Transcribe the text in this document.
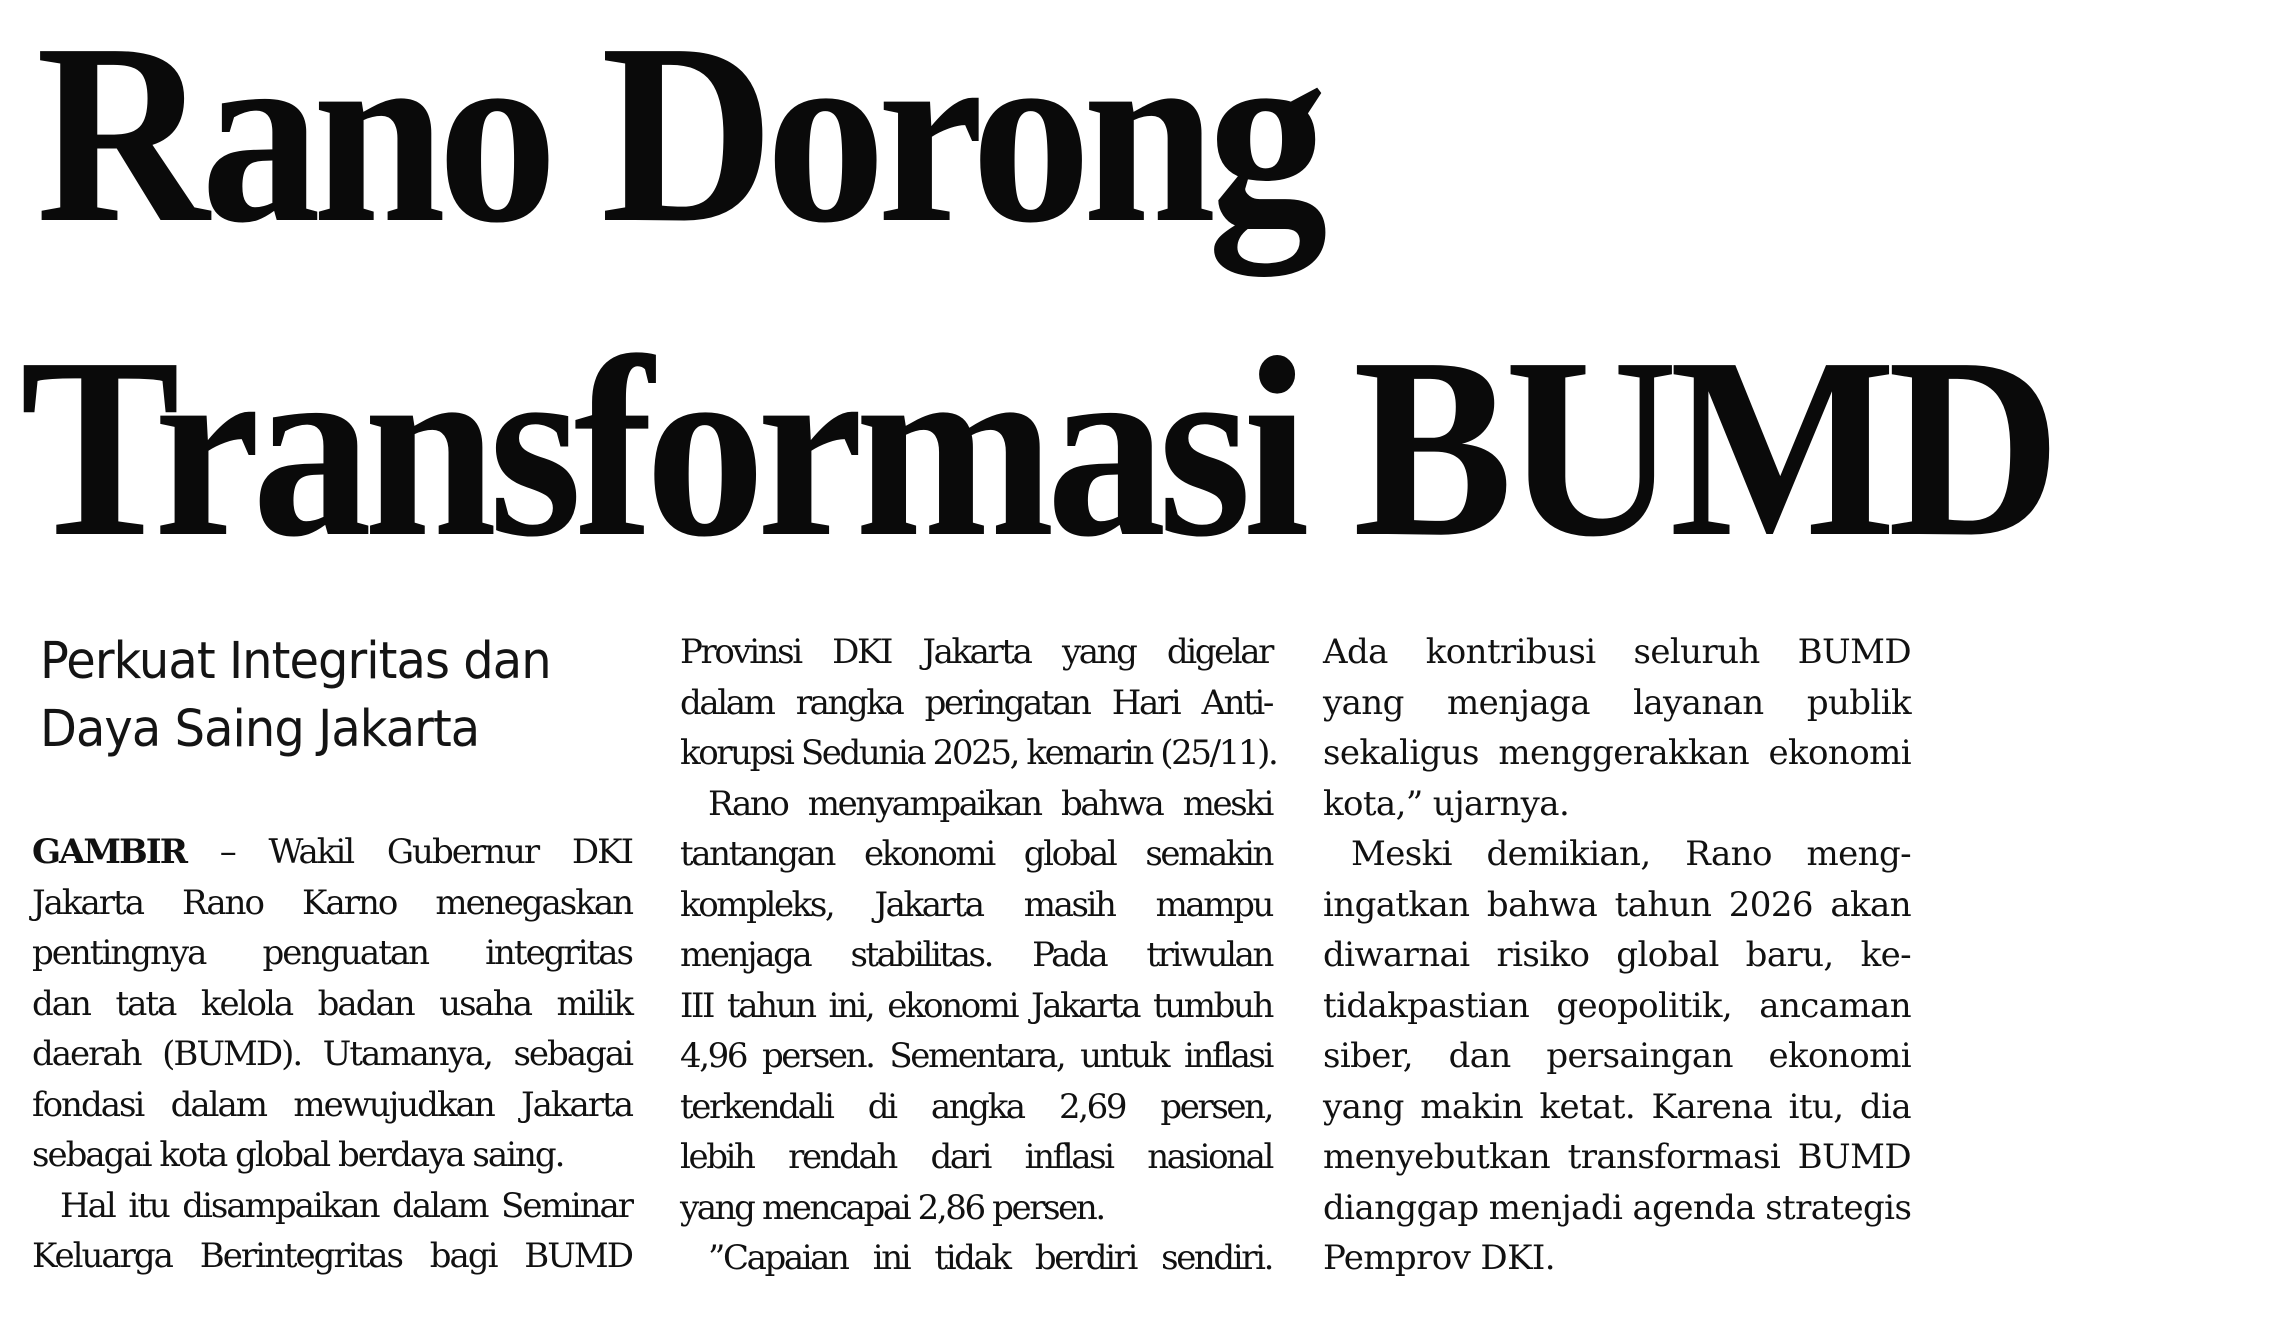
Rano Dorong
Transformasi BUMD
Perkuat Integritas dan Daya Saing Jakarta
GAMBIR – Wakil Gubernur DKI
Jakarta Rano Karno menegaskan
pentingnya penguatan integritas
dan tata kelola badan usaha milik
daerah (BUMD). Utamanya, sebagai
fondasi dalam mewujudkan Jakarta
sebagai kota global berdaya saing.
Hal itu disampaikan dalam Seminar
Keluarga Berintegritas bagi BUMD
Provinsi DKI Jakarta yang digelar
dalam rangka peringatan Hari Anti-
korupsi Sedunia 2025, kemarin (25/11).
Rano menyampaikan bahwa meski
tantangan ekonomi global semakin
kompleks, Jakarta masih mampu
menjaga stabilitas. Pada triwulan
III tahun ini, ekonomi Jakarta tumbuh
4,96 persen. Sementara, untuk inflasi
terkendali di angka 2,69 persen,
lebih rendah dari inflasi nasional
yang mencapai 2,86 persen.
”Capaian ini tidak berdiri sendiri.
Ada kontribusi seluruh BUMD
yang menjaga layanan publik
sekaligus menggerakkan ekonomi
kota,” ujarnya.
Meski demikian, Rano meng-
ingatkan bahwa tahun 2026 akan
diwarnai risiko global baru, ke-
tidakpastian geopolitik, ancaman
siber, dan persaingan ekonomi
yang makin ketat. Karena itu, dia
menyebutkan transformasi BUMD
dianggap menjadi agenda strategis
Pemprov DKI.
